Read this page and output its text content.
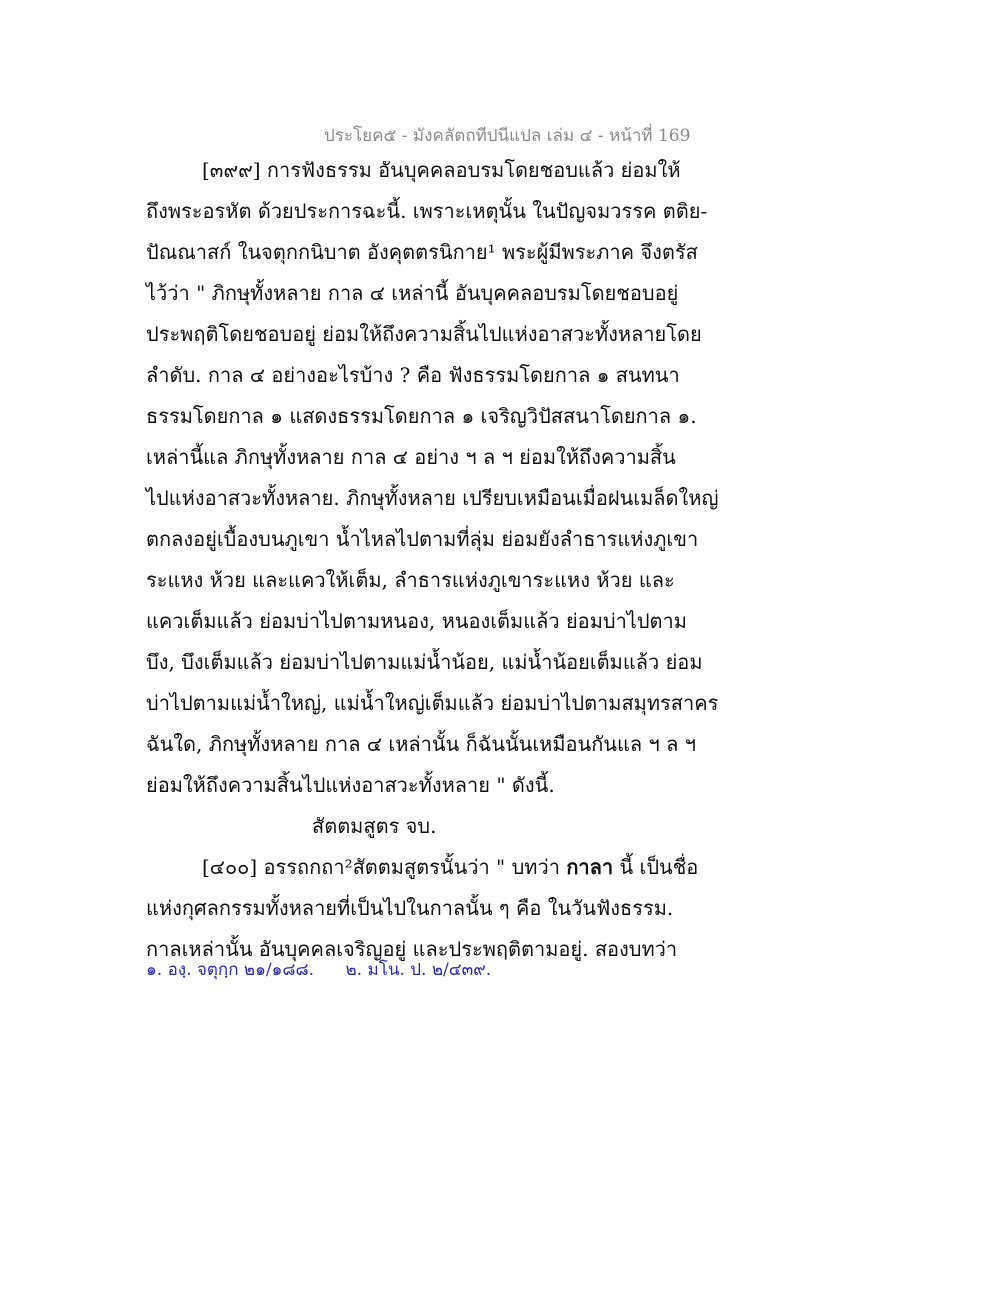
ประโยค๕ - มังคลัตถทีปนีแปล เล่ม ๔ - หน้าที่ 169
[๓๙๙] การฟังธรรม อันบุคคลอบรมโดยชอบแล้ว ย่อมให้
ถึงพระอรหัต ด้วยประการฉะนี้. เพราะเหตุนั้น ในปัญจมวรรค ตติย-
ปัณณาสก์ ในจตุกกนิบาต อังคุตตรนิกาย¹ พระผู้มีพระภาค จึงตรัส
ไว้ว่า " ภิกษุทั้งหลาย กาล ๔ เหล่านี้ อันบุคคลอบรมโดยชอบอยู่
ประพฤติโดยชอบอยู่ ย่อมให้ถึงความสิ้นไปแห่งอาสวะทั้งหลายโดย
ลำดับ. กาล ๔ อย่างอะไรบ้าง ? คือ ฟังธรรมโดยกาล ๑ สนทนา
ธรรมโดยกาล ๑ แสดงธรรมโดยกาล ๑ เจริญวิปัสสนาโดยกาล ๑.
เหล่านี้แล ภิกษุทั้งหลาย กาล ๔ อย่าง ฯ ล ฯ ย่อมให้ถึงความสิ้น
ไปแห่งอาสวะทั้งหลาย. ภิกษุทั้งหลาย เปรียบเหมือนเมื่อฝนเมล็ดใหญ่
ตกลงอยู่เบื้องบนภูเขา น้ำไหลไปตามที่ลุ่ม ย่อมยังลำธารแห่งภูเขา
ระแหง ห้วย และแควให้เต็ม, ลำธารแห่งภูเขาระแหง ห้วย และ
แควเต็มแล้ว ย่อมบ่าไปตามหนอง, หนองเต็มแล้ว ย่อมบ่าไปตาม
บึง, บึงเต็มแล้ว ย่อมบ่าไปตามแม่น้ำน้อย, แม่น้ำน้อยเต็มแล้ว ย่อม
บ่าไปตามแม่น้ำใหญ่, แม่น้ำใหญ่เต็มแล้ว ย่อมบ่าไปตามสมุทรสาคร
ฉันใด, ภิกษุทั้งหลาย กาล ๔ เหล่านั้น ก็ฉันนั้นเหมือนกันแล ฯ ล ฯ
ย่อมให้ถึงความสิ้นไปแห่งอาสวะทั้งหลาย " ดังนี้.
สัตตมสูตร จบ.
[๔๐๐] อรรถกถา²สัตตมสูตรนั้นว่า " บทว่า กาลา นี้ เป็นชื่อ
แห่งกุศลกรรมทั้งหลายที่เป็นไปในกาลนั้น ๆ คือ ในวันฟังธรรม.
กาลเหล่านั้น อันบุคคลเจริญอยู่ และประพฤติตามอยู่. สองบทว่า
๑. องฺ. จตุกฺก ๒๑/๑๘๘. ๒. มโน. ป. ๒/๔๓๙.
